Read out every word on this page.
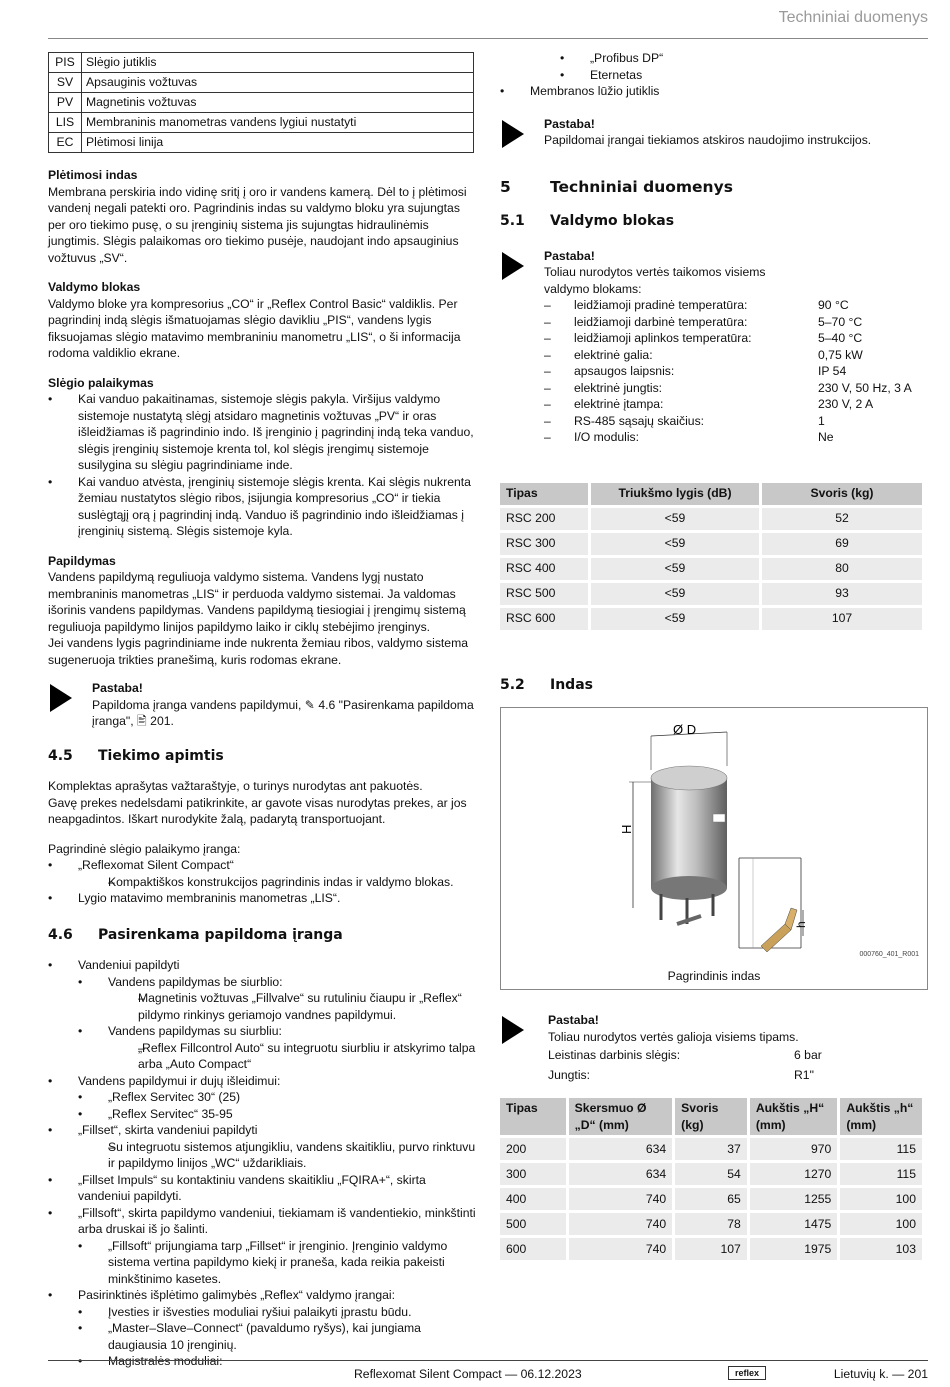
Techniniai duomenys
PIS	Slėgio jutiklis
SV	Apsauginis vožtuvas
PV	Magnetinis vožtuvas
LIS	Membraninis manometras vandens lygiui nustatyti
EC	Plėtimosi linija
Plėtimosi indas
Membrana perskiria indo vidinę sritį į oro ir vandens kamerą. Dėl to į plėtimosi vandenį negali patekti oro. Pagrindinis indas su valdymo bloku yra sujungtas per oro tiekimo pusę, o su įrenginių sistema jis sujungtas hidraulinėmis jungtimis. Slėgis palaikomas oro tiekimo pusėje, naudojant indo apsauginius vožtuvus „SV“.
Valdymo blokas
Valdymo bloke yra kompresorius „CO“ ir „Reflex Control Basic“ valdiklis. Per pagrindinį indą slėgis išmatuojamas slėgio davikliu „PIS“, vandens lygis fiksuojamas slėgio matavimo membraniniu manometru „LIS“, o ši informacija rodoma valdiklio ekrane.
Slėgio palaikymas
• Kai vanduo pakaitinamas, sistemoje slėgis pakyla. Viršijus valdymo sistemoje nustatytą slėgį atsidaro magnetinis vožtuvas „PV“ ir oras išleidžiamas iš pagrindinio indo. Iš įrenginio į pagrindinį indą teka vanduo, slėgis įrenginių sistemoje krenta tol, kol slėgis įrengimų sistemoje susilygina su slėgiu pagrindiniame inde.
• Kai vanduo atvėsta, įrenginių sistemoje slėgis krenta. Kai slėgis nukrenta žemiau nustatytos slėgio ribos, įsijungia kompresorius „CO“ ir tiekia suslėgtąjį orą į pagrindinį indą. Vanduo iš pagrindinio indo išleidžiamas į įrenginių sistemą. Slėgis sistemoje kyla.
Papildymas
Vandens papildymą reguliuoja valdymo sistema. Vandens lygį nustato membraninis manometras „LIS“ ir perduoda valdymo sistemai. Ja valdomas išorinis vandens papildymas. Vandens papildymą tiesiogiai į įrengimų sistemą reguliuoja papildymo linijos papildymo laiko ir ciklų stebėjimo įrenginys.
Jei vandens lygis pagrindiniame inde nukrenta žemiau ribos, valdymo sistema sugeneruoja trikties pranešimą, kuris rodomas ekrane.
Pastaba!
Papildoma įranga vandens papildymui, ✎ 4.6 "Pasirenkama papildoma įranga", 🖹 201.
4.5	Tiekimo apimtis
Komplektas aprašytas važtaraštyje, o turinys nurodytas ant pakuotės.
Gavę prekes nedelsdami patikrinkite, ar gavote visas nurodytas prekes, ar jos neapgadintos. Iškart nurodykite žalą, padarytą transportuojant.
Pagrindinė slėgio palaikymo įranga:
• „Reflexomat Silent Compact“
– Kompaktiškos konstrukcijos pagrindinis indas ir valdymo blokas.
• Lygio matavimo membraninis manometras „LIS“.
4.6	Pasirenkama papildoma įranga
• Vandeniui papildyti
• Vandens papildymas be siurblio:
– Magnetinis vožtuvas „Fillvalve“ su rutuliniu čiaupu ir „Reflex“ pildymo rinkinys geriamojo vandnes papildymui.
• Vandens papildymas su siurbliu:
– „Reflex Fillcontrol Auto“ su integruotu siurbliu ir atskyrimo talpa arba „Auto Compact“
• Vandens papildymui ir dujų išleidimui:
• „Reflex Servitec 30“ (25)
• „Reflex Servitec“ 35-95
• „Fillset“, skirta vandeniui papildyti
– Su integruotu sistemos atjungikliu, vandens skaitikliu, purvo rinktuvu ir papildymo linijos „WC“ uždarikliais.
• „Fillset Impuls“ su kontaktiniu vandens skaitikliu „FQIRA+“, skirta vandeniui papildyti.
• „Fillsoft“, skirta papildymo vandeniui, tiekiamam iš vandentiekio, minkštinti arba druskai iš jo šalinti.
• „Fillsoft“ prijungiama tarp „Fillset“ ir įrenginio. Įrenginio valdymo sistema vertina papildymo kiekį ir praneša, kada reikia pakeisti minkštinimo kasetes.
• Pasirinktinės išplėtimo galimybės „Reflex“ valdymo įrangai:
• Įvesties ir išvesties moduliai ryšiui palaikyti įprastu būdu.
• „Master–Slave–Connect“ (pavaldumo ryšys), kai jungiama daugiausia 10 įrenginių.
• Magistralės moduliai:
• „Profibus DP“
• Eternetas
• Membranos lūžio jutiklis
Pastaba!
Papildomai įrangai tiekiamos atskiros naudojimo instrukcijos.
5	Techniniai duomenys
5.1	Valdymo blokas
Pastaba!
Toliau nurodytos vertės taikomos visiems valdymo blokams:
–	leidžiamoji pradinė temperatūra:	90 °C
–	leidžiamoji darbinė temperatūra:	5–70 °C
–	leidžiamoji aplinkos temperatūra:	5–40 °C
–	elektrinė galia:	0,75 kW
–	apsaugos laipsnis:	IP 54
–	elektrinė jungtis:	230 V, 50 Hz, 3 A
–	elektrinė įtampa:	230 V, 2 A
–	RS-485 sąsajų skaičius:	1
–	I/O modulis:	Ne
Tipas	Triukšmo lygis (dB)	Svoris (kg)
RSC 200	<59	52
RSC 300	<59	69
RSC 400	<59	80
RSC 500	<59	93
RSC 600	<59	107
5.2	Indas
Ø D
H
h
000760_401_R001
Pagrindinis indas
Pastaba!
Toliau nurodytos vertės galioja visiems tipams.
Leistinas darbinis slėgis:	6 bar
Jungtis:	R1"
Tipas	Skersmuo Ø „D“ (mm)	Svoris (kg)	Aukštis „H“ (mm)	Aukštis „h“ (mm)
200	634	37	970	115
300	634	54	1270	115
400	740	65	1255	100
500	740	78	1475	100
600	740	107	1975	103
Reflexomat Silent Compact — 06.12.2023	reflex	Lietuvių k. — 201
